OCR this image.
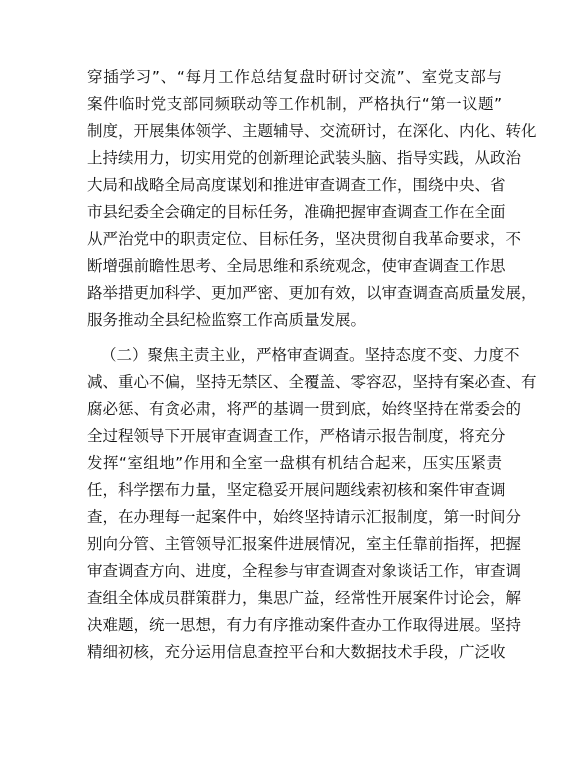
穿插学习”、“每月工作总结复盘时研讨交流”、室党支部与
案件临时党支部同频联动等工作机制，严格执行“第一议题”
制度，开展集体领学、主题辅导、交流研讨，在深化、内化、转化
上持续用力，切实用党的创新理论武装头脑、指导实践，从政治
大局和战略全局高度谋划和推进审查调查工作，围绕中央、省
市县纪委全会确定的目标任务，准确把握审查调查工作在全面
从严治党中的职责定位、目标任务，坚决贯彻自我革命要求，不
断增强前瞻性思考、全局思维和系统观念，使审查调查工作思
路举措更加科学、更加严密、更加有效，以审查调查高质量发展，
服务推动全县纪检监察工作高质量发展。
（二）聚焦主责主业，严格审查调查。坚持态度不变、力度不
减、重心不偏，坚持无禁区、全覆盖、零容忍，坚持有案必查、有
腐必惩、有贪必肃，将严的基调一贯到底，始终坚持在常委会的
全过程领导下开展审查调查工作，严格请示报告制度，将充分
发挥“室组地”作用和全室一盘棋有机结合起来，压实压紧责
任，科学摆布力量，坚定稳妥开展问题线索初核和案件审查调
查，在办理每一起案件中，始终坚持请示汇报制度，第一时间分
别向分管、主管领导汇报案件进展情况，室主任靠前指挥，把握
审查调查方向、进度，全程参与审查调查对象谈话工作，审查调
查组全体成员群策群力，集思广益，经常性开展案件讨论会，解
决难题，统一思想，有力有序推动案件查办工作取得进展。坚持
精细初核，充分运用信息查控平台和大数据技术手段，广泛收
